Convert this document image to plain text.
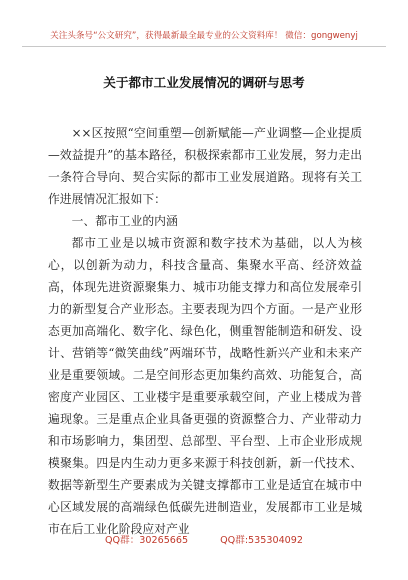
关注头条号“公文研究”，获得最新最全最专业的公文资料库！ 微信：gongwenyj
关于都市工业发展情况的调研与思考

××区按照“空间重塑—创新赋能—产业调整—企业提质—效益提升”的基本路径，积极探索都市工业发展，努力走出一条符合导向、契合实际的都市工业发展道路。现将有关工作进展情况汇报如下：

一、都市工业的内涵

都市工业是以城市资源和数字技术为基础，以人为核心，以创新为动力，科技含量高、集聚水平高、经济效益高，体现先进资源聚集力、城市功能支撑力和高位发展牵引力的新型复合产业形态。主要表现为四个方面。一是产业形态更加高端化、数字化、绿色化，侧重智能制造和研发、设计、营销等“微笑曲线”两端环节，战略性新兴产业和未来产业是重要领域。二是空间形态更加集约高效、功能复合，高密度产业园区、工业楼宇是重要承载空间，产业上楼成为普遍现象。三是重点企业具备更强的资源整合力、产业带动力和市场影响力，集团型、总部型、平台型、上市企业形成规模聚集。四是内生动力更多来源于科技创新，新一代技术、数据等新型生产要素成为关键支撑都市工业是适宜在城市中心区域发展的高端绿色低碳先进制造业，发展都市工业是城市在后工业化阶段应对产业

QQ群：30265665	QQ群:535304092
